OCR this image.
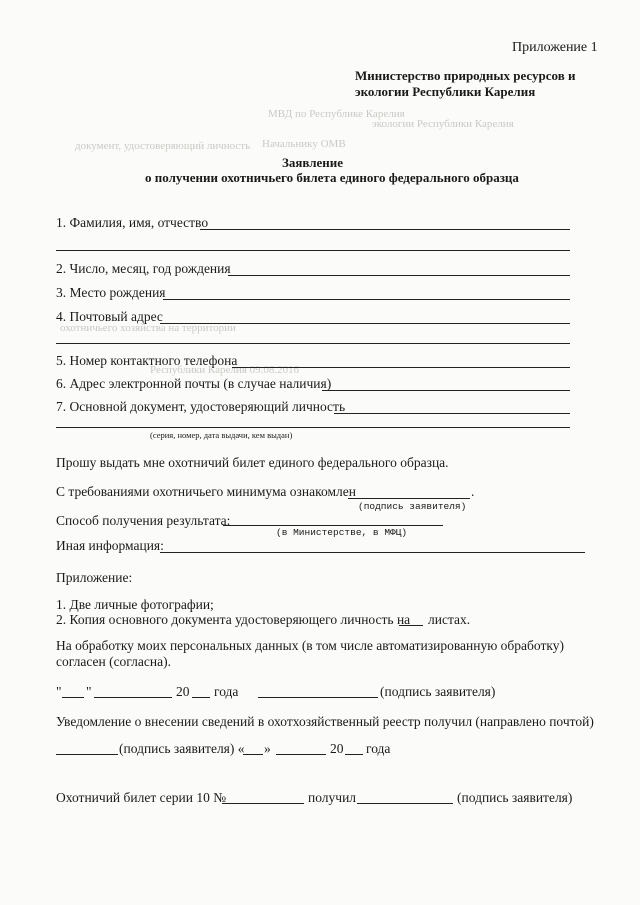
МВД по Республике Карелия
экологии Республики Карелия
Начальнику ОМВ
документ, удостоверяющий личность
охотничьего хозяйства на территории
Республики Карелия 09.08.2016
Приложение 1
Министерство природных ресурсов и
экологии Республики Карелия
Заявление
о получении охотничьего билета единого федерального образца
1. Фамилия, имя, отчество
2. Число, месяц, год рождения
3. Место рождения
4. Почтовый адрес
5. Номер контактного телефона
6. Адрес электронной почты (в случае наличия)
7. Основной документ, удостоверяющий личность
(серия, номер, дата выдачи, кем выдан)
Прошу выдать мне охотничий билет единого федерального образца.
С требованиями охотничьего минимума ознакомлен	.
(подпись заявителя)
Способ получения результата:
(в Министерстве, в МФЦ)
Иная информация:
Приложение:
1. Две личные фотографии;
2. Копия основного документа удостоверяющего личность на листах.
На обработку моих персональных данных (в том числе автоматизированную обработку)
согласен (согласна).
" "	20 года	(подпись заявителя)
Уведомление о внесении сведений в охотхозяйственный реестр получил (направлено почтой)
(подпись заявителя) « »	20 года
Охотничий билет серии 10 №	получил	(подпись заявителя)
